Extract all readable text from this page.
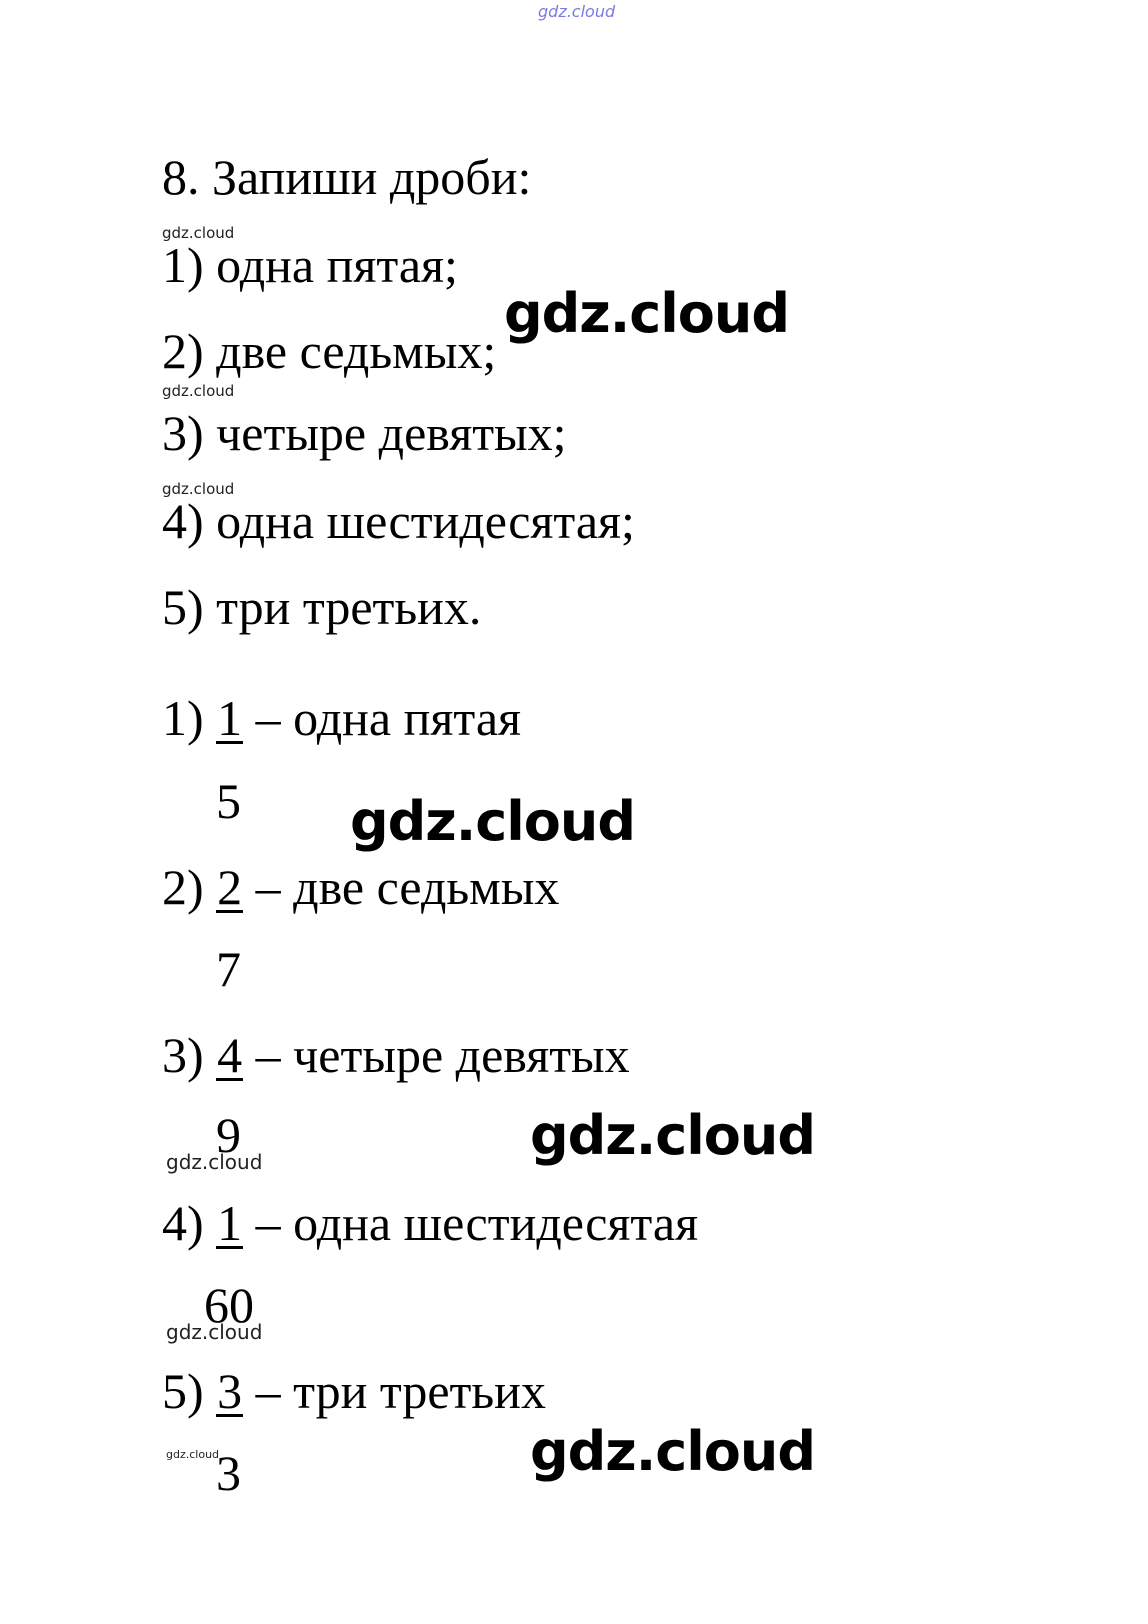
gdz.cloud
8. Запиши дроби:
gdz.cloud
1) одна пятая;
gdz.cloud
2) две седьмых;
gdz.cloud
3) четыре девятых;
gdz.cloud
4) одна шестидесятая;
5) три третьих.
1) 1 – одна пятая
5 gdz.cloud
2) 2 – две седьмых
7
3) 4 – четыре девятых
9	gdz.cloud
gdz.cloud
4) 1 – одна шестидесятая
60
gdz.cloud
5) 3 – три третьих
gdz.cloud
3	gdz.cloud
